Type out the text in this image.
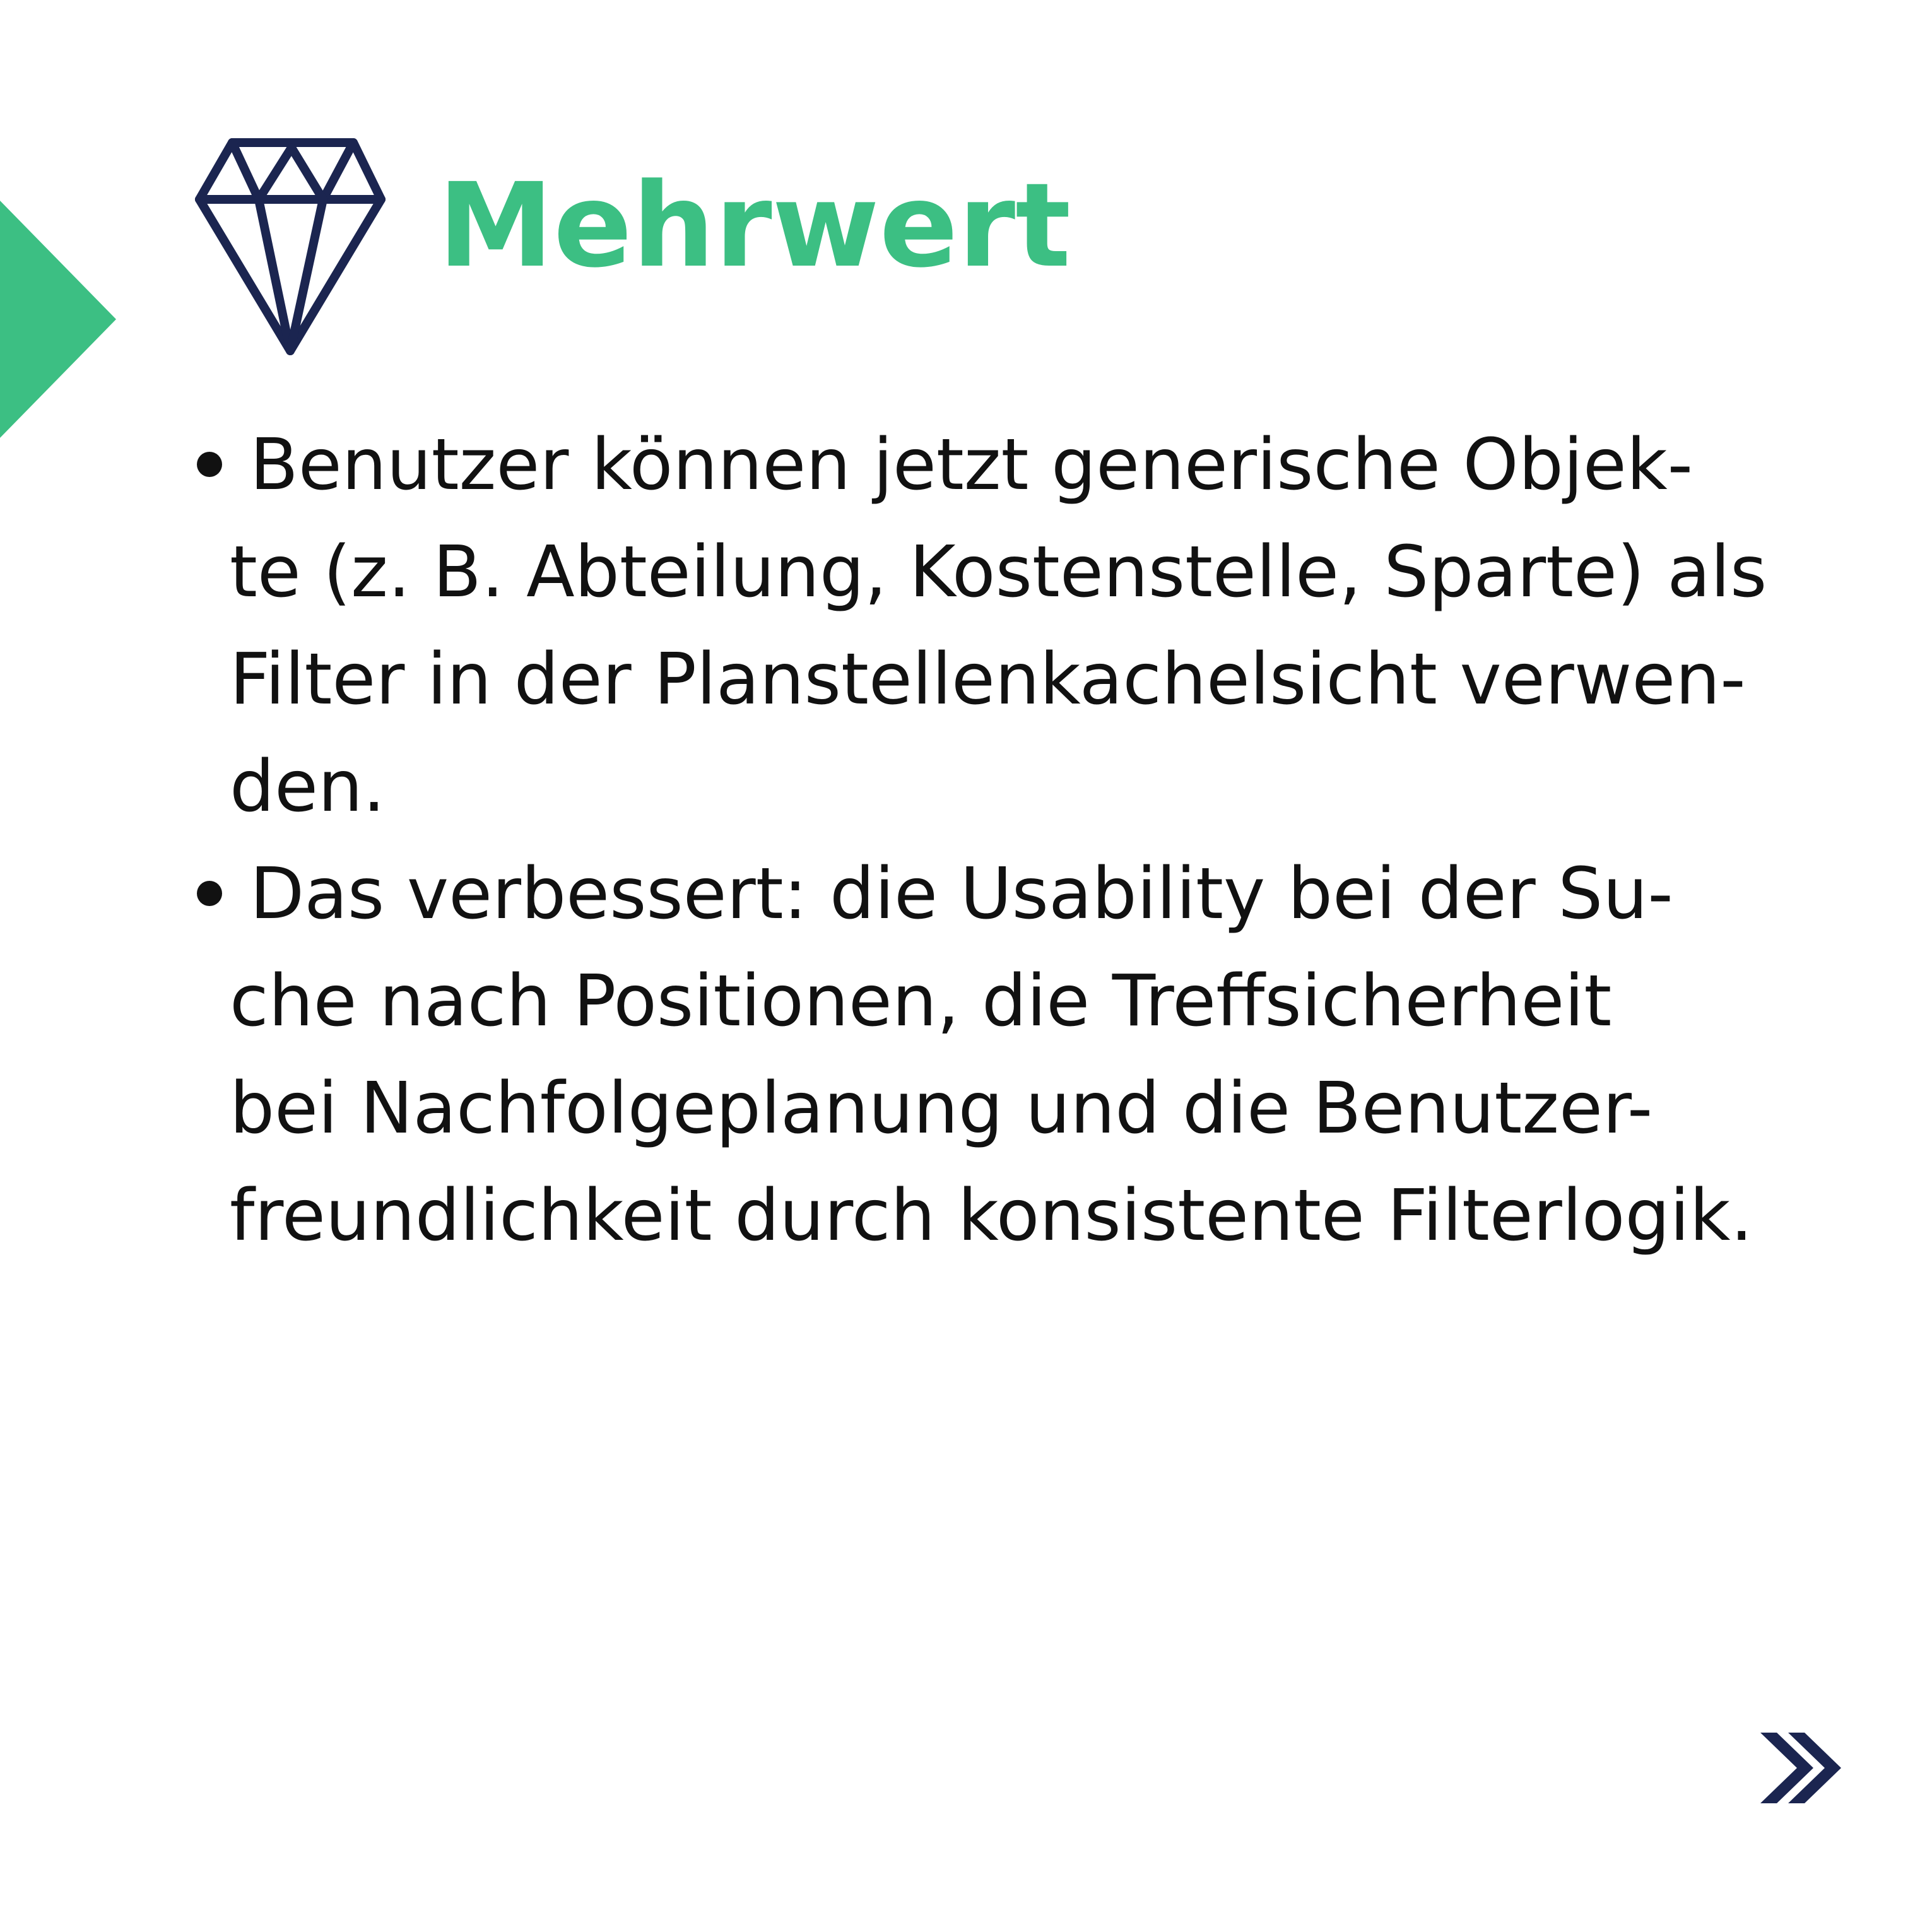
Mehrwert
Benutzer können jetzt generische Objek-
te (z. B. Abteilung, Kostenstelle, Sparte) als
Filter in der Planstellenkachelsicht verwen-
den.
Das verbessert: die Usability bei der Su-
che nach Positionen, die Treffsicherheit
bei Nachfolgeplanung und die Benutzer-
freundlichkeit durch konsistente Filterlogik.
